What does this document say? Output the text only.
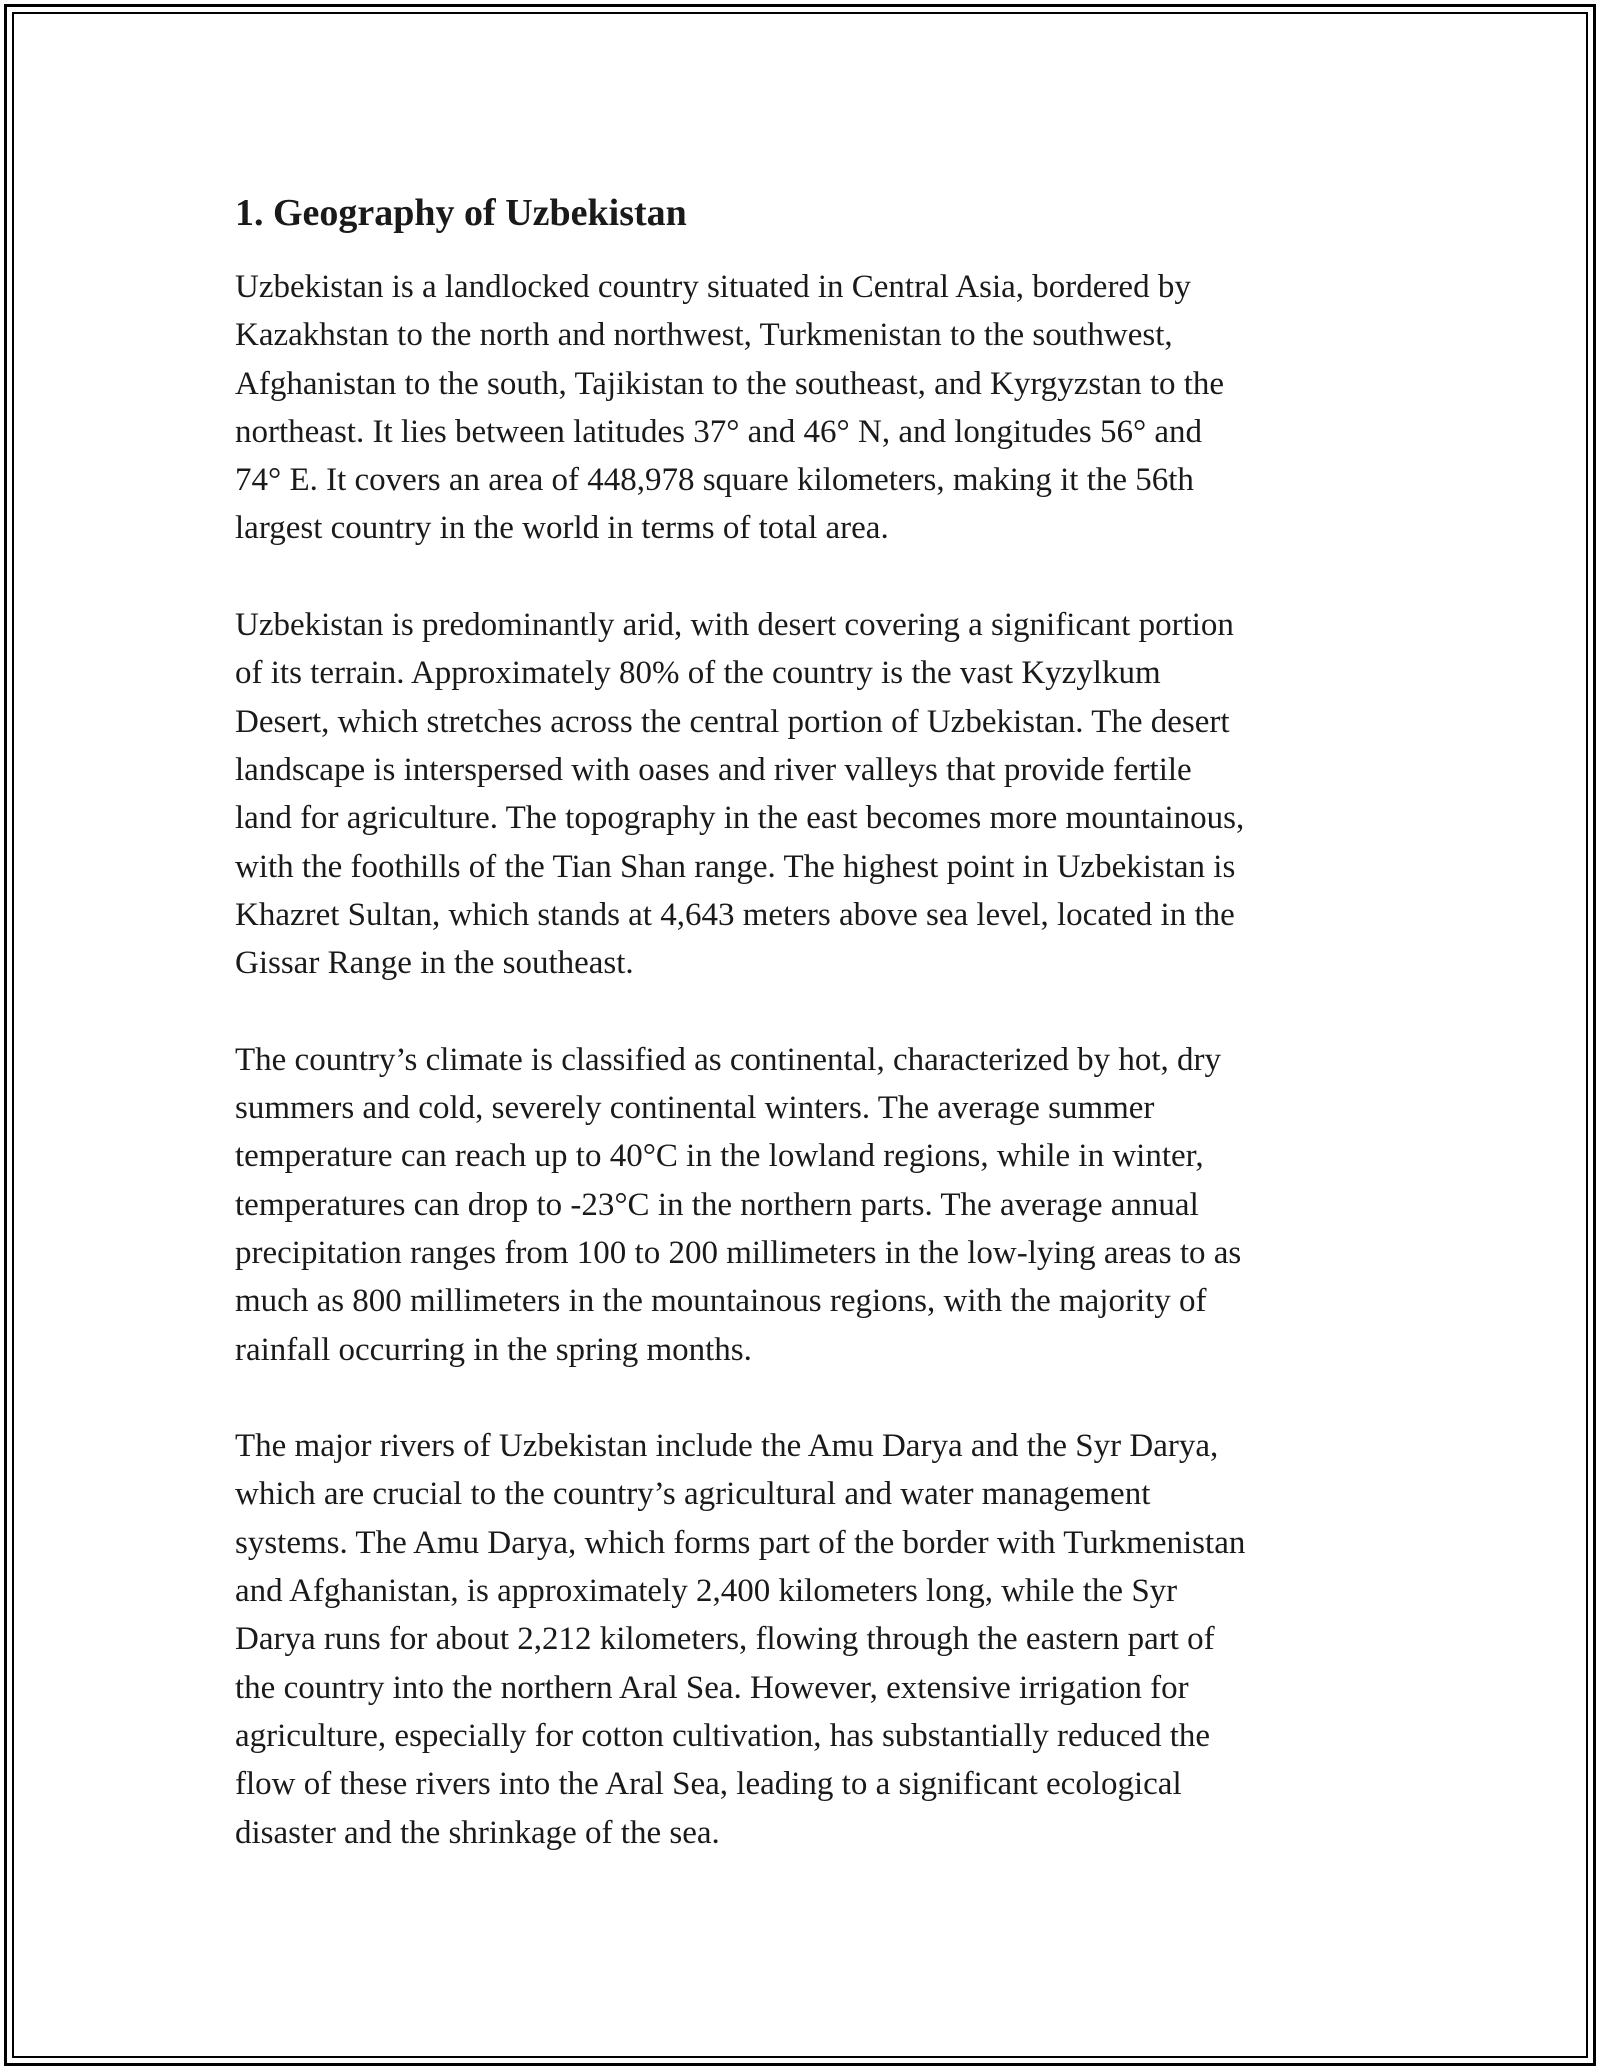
1. Geography of Uzbekistan

Uzbekistan is a landlocked country situated in Central Asia, bordered by
Kazakhstan to the north and northwest, Turkmenistan to the southwest,
Afghanistan to the south, Tajikistan to the southeast, and Kyrgyzstan to the
northeast. It lies between latitudes 37° and 46° N, and longitudes 56° and
74° E. It covers an area of 448,978 square kilometers, making it the 56th
largest country in the world in terms of total area.

Uzbekistan is predominantly arid, with desert covering a significant portion
of its terrain. Approximately 80% of the country is the vast Kyzylkum
Desert, which stretches across the central portion of Uzbekistan. The desert
landscape is interspersed with oases and river valleys that provide fertile
land for agriculture. The topography in the east becomes more mountainous,
with the foothills of the Tian Shan range. The highest point in Uzbekistan is
Khazret Sultan, which stands at 4,643 meters above sea level, located in the
Gissar Range in the southeast.

The country’s climate is classified as continental, characterized by hot, dry
summers and cold, severely continental winters. The average summer
temperature can reach up to 40°C in the lowland regions, while in winter,
temperatures can drop to -23°C in the northern parts. The average annual
precipitation ranges from 100 to 200 millimeters in the low-lying areas to as
much as 800 millimeters in the mountainous regions, with the majority of
rainfall occurring in the spring months.

The major rivers of Uzbekistan include the Amu Darya and the Syr Darya,
which are crucial to the country’s agricultural and water management
systems. The Amu Darya, which forms part of the border with Turkmenistan
and Afghanistan, is approximately 2,400 kilometers long, while the Syr
Darya runs for about 2,212 kilometers, flowing through the eastern part of
the country into the northern Aral Sea. However, extensive irrigation for
agriculture, especially for cotton cultivation, has substantially reduced the
flow of these rivers into the Aral Sea, leading to a significant ecological
disaster and the shrinkage of the sea.
